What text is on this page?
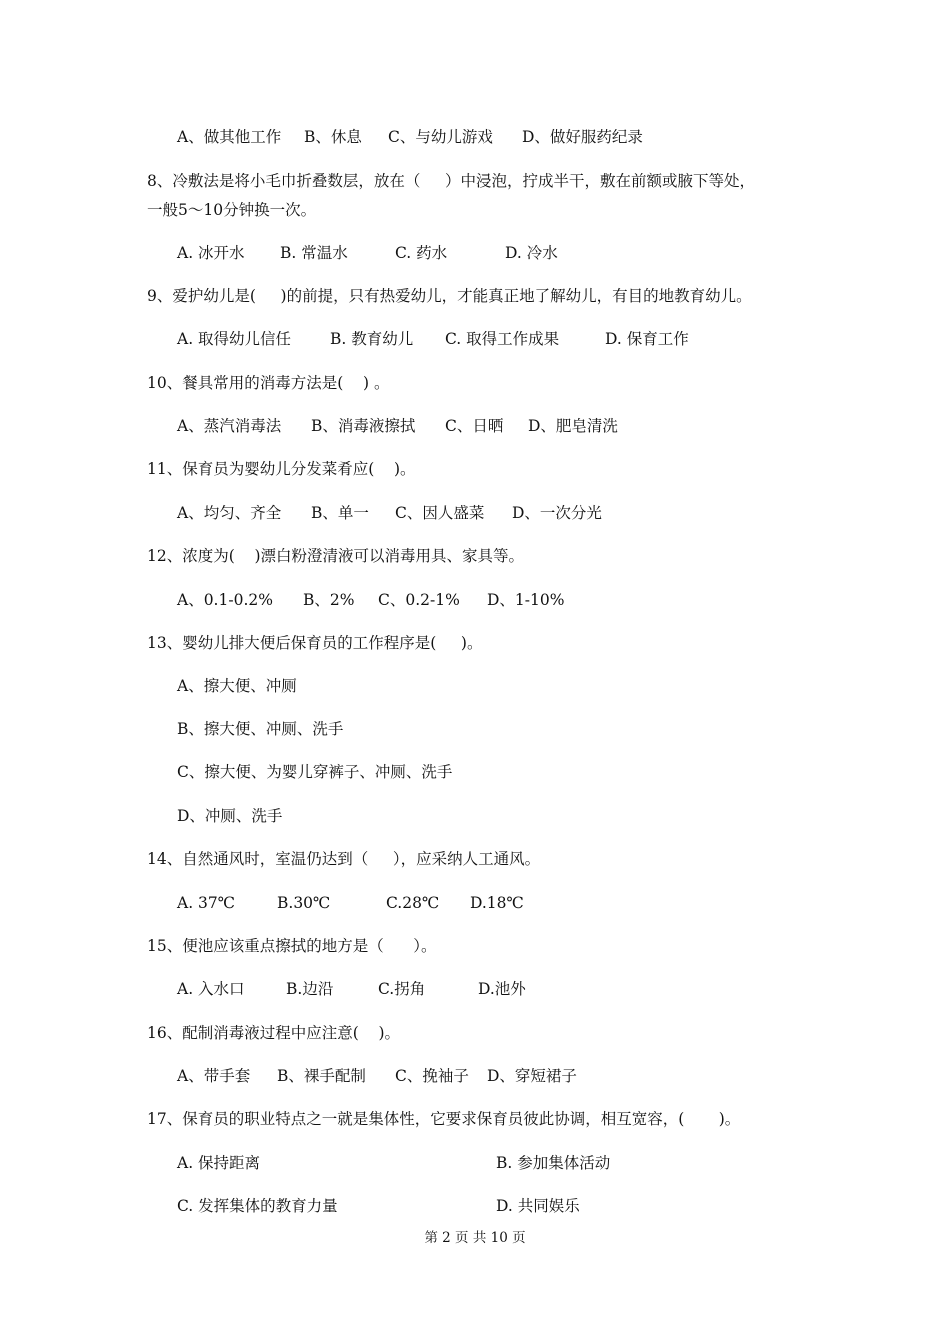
A、做其他工作 B、休息 C、与幼儿游戏 D、做好服药纪录
8、冷敷法是将小毛巾折叠数层，放在（     ）中浸泡，拧成半干，敷在前额或腋下等处，
一般5～10分钟换一次。
A. 冰开水 B. 常温水	C. 药水	D. 冷水
9、爱护幼儿是(     )的前提，只有热爱幼儿，才能真正地了解幼儿，有目的地教育幼儿。
A. 取得幼儿信任	B. 教育幼儿 C. 取得工作成果	D. 保育工作
10、餐具常用的消毒方法是(    ) 。
A、蒸汽消毒法 B、消毒液擦拭 C、日晒 D、肥皂清洗
11、保育员为婴幼儿分发菜肴应(    )。
A、均匀、齐全 B、单一 C、因人盛菜 D、一次分光
12、浓度为(    )漂白粉澄清液可以消毒用具、家具等。
A、0.1-0.2% B、2% C、0.2-1% D、1-10%
13、婴幼儿排大便后保育员的工作程序是(     )。
A、擦大便、冲厕
B、擦大便、冲厕、洗手
C、擦大便、为婴儿穿裤子、冲厕、洗手
D、冲厕、洗手
14、自然通风时，室温仍达到（     ），应采纳人工通风。
A. 37℃	B.30℃	C.28℃ D.18℃
15、便池应该重点擦拭的地方是（      ）。
A. 入水口	B.边沿	C.拐角	D.池外
16、配制消毒液过程中应注意(    )。
A、带手套 B、裸手配制 C、挽袖子 D、穿短裙子
17、保育员的职业特点之一就是集体性，它要求保育员彼此协调，相互宽容，(       )。
A. 保持距离	B. 参加集体活动
C. 发挥集体的教育力量	D. 共同娱乐
第 2 页 共 10 页
